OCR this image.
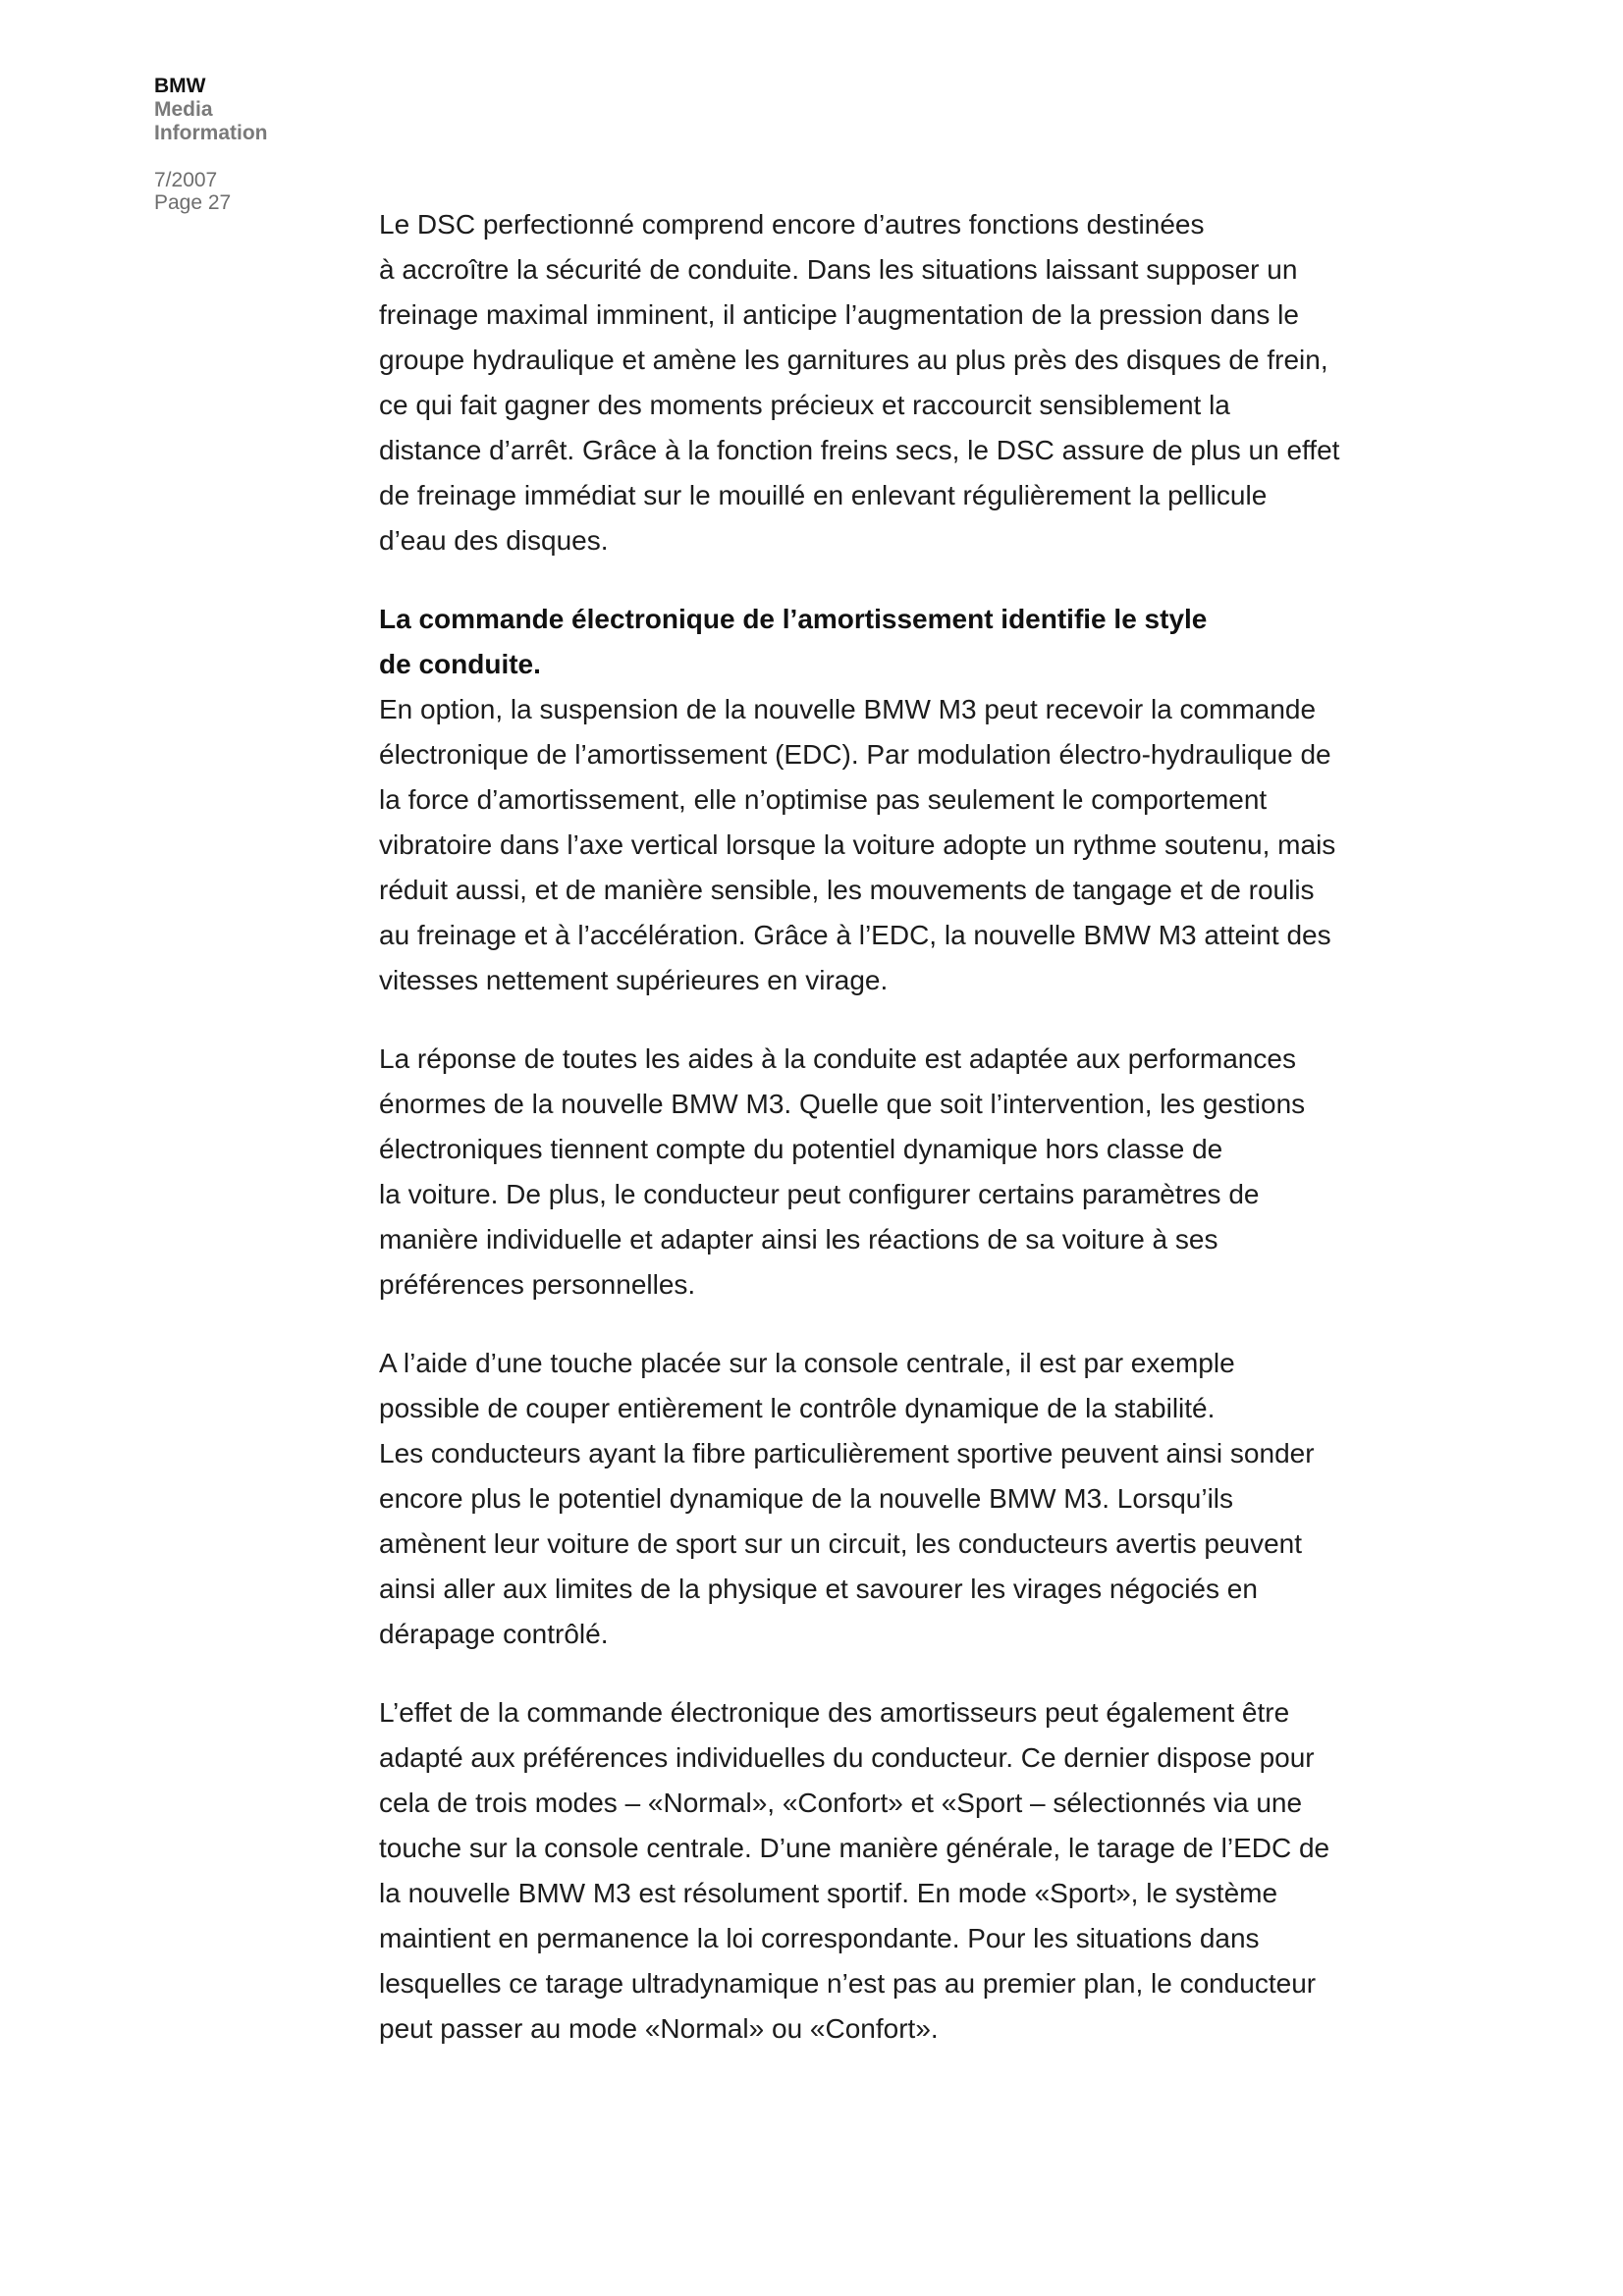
BMW

Media

Information

7/2007
Page 27

Le DSC perfectionné comprend encore d’autres fonctions destinées
à accroître la sécurité de conduite. Dans les situations laissant supposer un
freinage maximal imminent, il anticipe l’augmentation de la pression dans le
groupe hydraulique et amène les garnitures au plus près des disques de frein,
ce qui fait gagner des moments précieux et raccourcit sensiblement la
distance d’arrêt. Grâce à la fonction freins secs, le DSC assure de plus un effet
de freinage immédiat sur le mouillé en enlevant régulièrement la pellicule
d’eau des disques.

La commande électronique de l’amortissement identifie le style
de conduite.

En option, la suspension de la nouvelle BMW M3 peut recevoir la commande
électronique de l’amortissement (EDC). Par modulation électro-hydraulique de
la force d’amortissement, elle n’optimise pas seulement le comportement
vibratoire dans l’axe vertical lorsque la voiture adopte un rythme soutenu, mais
réduit aussi, et de manière sensible, les mouvements de tangage et de roulis
au freinage et à l’accélération. Grâce à l’EDC, la nouvelle BMW M3 atteint des
vitesses nettement supérieures en virage.

La réponse de toutes les aides à la conduite est adaptée aux performances
énormes de la nouvelle BMW M3. Quelle que soit l’intervention, les gestions
électroniques tiennent compte du potentiel dynamique hors classe de
la voiture. De plus, le conducteur peut configurer certains paramètres de
manière individuelle et adapter ainsi les réactions de sa voiture à ses
préférences personnelles.

A l’aide d’une touche placée sur la console centrale, il est par exemple
possible de couper entièrement le contrôle dynamique de la stabilité.
Les conducteurs ayant la fibre particulièrement sportive peuvent ainsi sonder
encore plus le potentiel dynamique de la nouvelle BMW M3. Lorsqu’ils
amènent leur voiture de sport sur un circuit, les conducteurs avertis peuvent
ainsi aller aux limites de la physique et savourer les virages négociés en
dérapage contrôlé.

L’effet de la commande électronique des amortisseurs peut également être
adapté aux préférences individuelles du conducteur. Ce dernier dispose pour
cela de trois modes – «Normal», «Confort» et «Sport – sélectionnés via une
touche sur la console centrale. D’une manière générale, le tarage de l’EDC de
la nouvelle BMW M3 est résolument sportif. En mode «Sport», le système
maintient en permanence la loi correspondante. Pour les situations dans
lesquelles ce tarage ultradynamique n’est pas au premier plan, le conducteur
peut passer au mode «Normal» ou «Confort».
